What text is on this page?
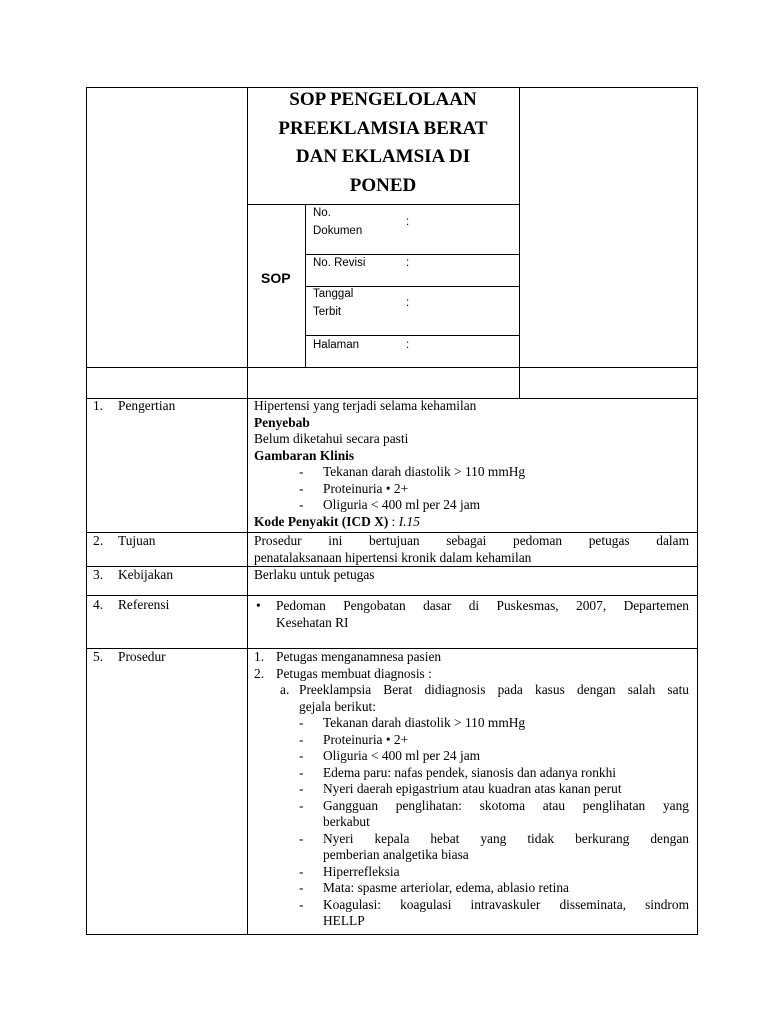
SOP PENGELOLAAN
PREEKLAMSIA BERAT
DAN EKLAMSIA DI
PONED
SOP
No.
Dokumen
:
No. Revisi	:
Tanggal
Terbit
:
Halaman	:
1. Pengertian	Hipertensi yang terjadi selama kehamilan
Penyebab
Belum diketahui secara pasti
Gambaran Klinis
- Tekanan darah diastolik > 110 mmHg
- Proteinuria • 2+
- Oliguria < 400 ml per 24 jam
Kode Penyakit (ICD X) : I.15
2. Tujuan	Prosedur ini bertujuan sebagai pedoman petugas dalam
penatalaksanaan hipertensi kronik dalam kehamilan
3. Kebijakan	Berlaku untuk petugas
4. Referensi	• Pedoman Pengobatan dasar di Puskesmas, 2007, Departemen
Kesehatan RI
5. Prosedur	1. Petugas menganamnesa pasien
2. Petugas membuat diagnosis :
a. Preeklampsia Berat didiagnosis pada kasus dengan salah satu
gejala berikut:
- Tekanan darah diastolik > 110 mmHg
- Proteinuria • 2+
- Oliguria < 400 ml per 24 jam
- Edema paru: nafas pendek, sianosis dan adanya ronkhi
- Nyeri daerah epigastrium atau kuadran atas kanan perut
- Gangguan penglihatan: skotoma atau penglihatan yang
berkabut
- Nyeri kepala hebat yang tidak berkurang dengan
pemberian analgetika biasa
- Hiperrefleksia
- Mata: spasme arteriolar, edema, ablasio retina
- Koagulasi: koagulasi intravaskuler disseminata, sindrom
HELLP
